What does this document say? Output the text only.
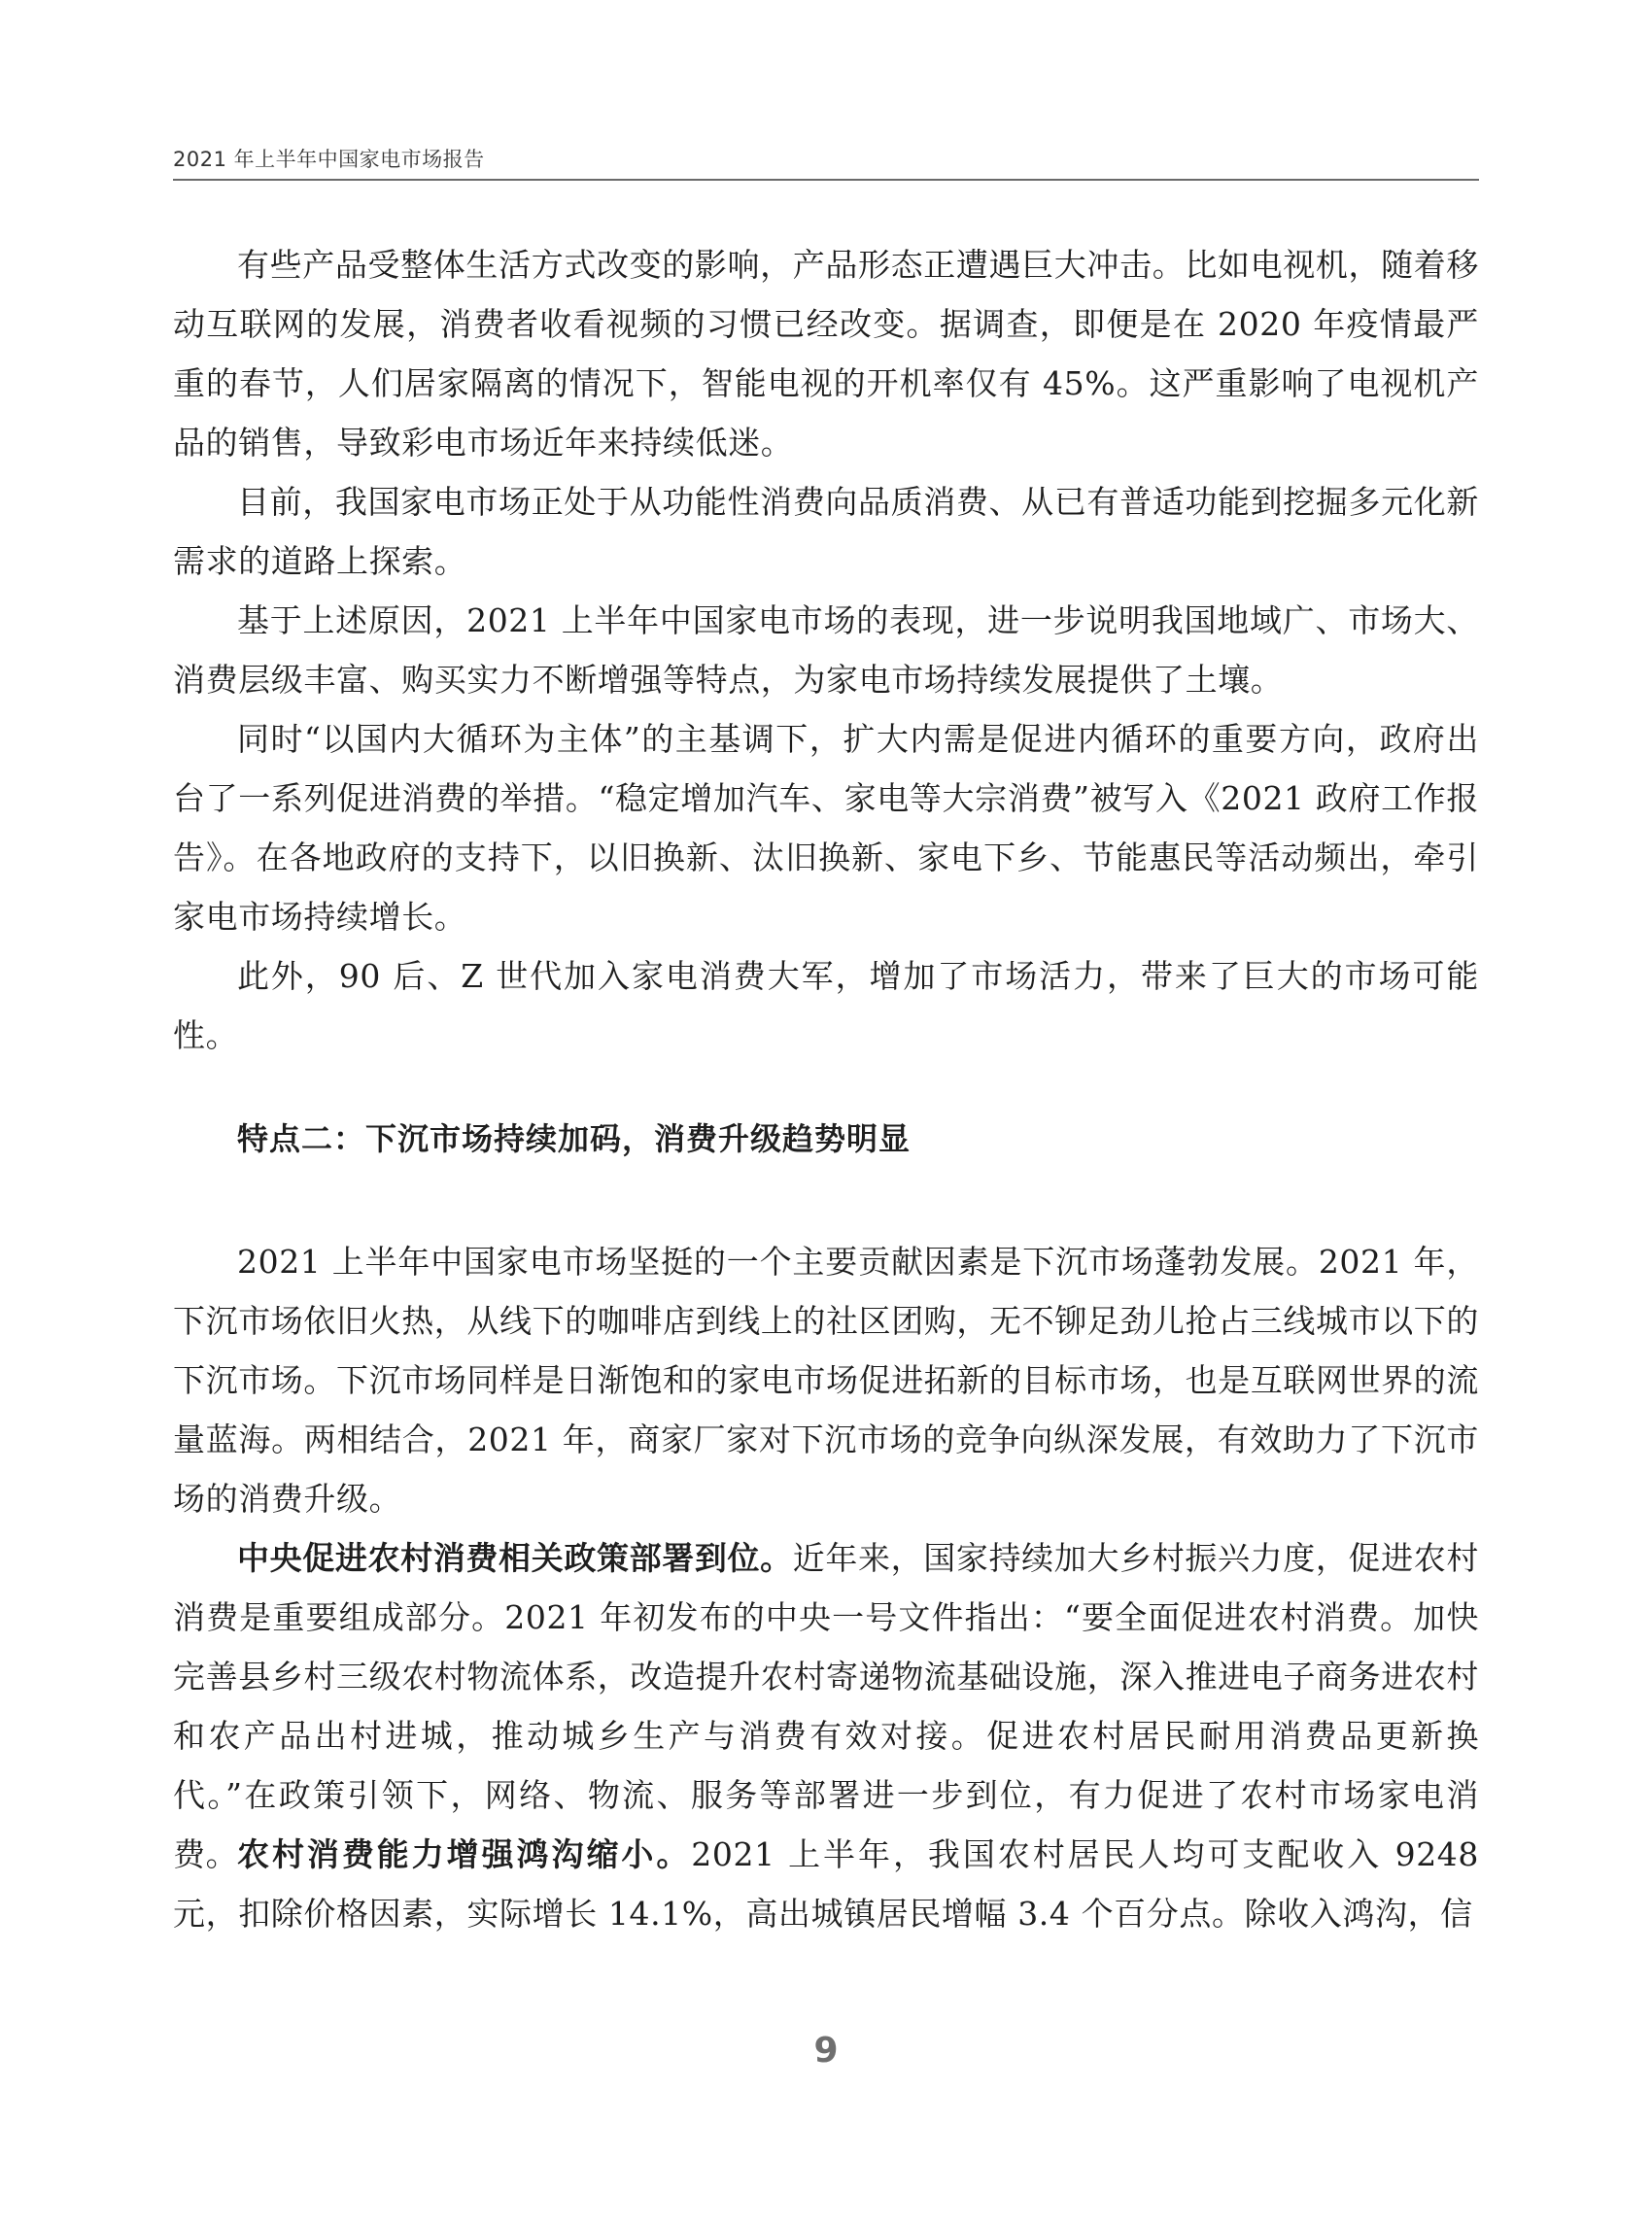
2021 年上半年中国家电市场报告

有些产品受整体生活方式改变的影响，产品形态正遭遇巨大冲击。比如电视机，随着移动互联网的发展，消费者收看视频的习惯已经改变。据调查，即便是在 2020 年疫情最严重的春节，人们居家隔离的情况下，智能电视的开机率仅有 45%。这严重影响了电视机产品的销售，导致彩电市场近年来持续低迷。

目前，我国家电市场正处于从功能性消费向品质消费、从已有普适功能到挖掘多元化新需求的道路上探索。

基于上述原因，2021 上半年中国家电市场的表现，进一步说明我国地域广、市场大、消费层级丰富、购买实力不断增强等特点，为家电市场持续发展提供了土壤。

同时“以国内大循环为主体”的主基调下，扩大内需是促进内循环的重要方向，政府出台了一系列促进消费的举措。“稳定增加汽车、家电等大宗消费”被写入《2021 政府工作报告》。在各地政府的支持下，以旧换新、汰旧换新、家电下乡、节能惠民等活动频出，牵引家电市场持续增长。

此外，90 后、Z 世代加入家电消费大军，增加了市场活力，带来了巨大的市场可能性。

特点二：下沉市场持续加码，消费升级趋势明显

2021 上半年中国家电市场坚挺的一个主要贡献因素是下沉市场蓬勃发展。2021 年，下沉市场依旧火热，从线下的咖啡店到线上的社区团购，无不铆足劲儿抢占三线城市以下的下沉市场。下沉市场同样是日渐饱和的家电市场促进拓新的目标市场，也是互联网世界的流量蓝海。两相结合，2021 年，商家厂家对下沉市场的竞争向纵深发展，有效助力了下沉市场的消费升级。

中央促进农村消费相关政策部署到位。近年来，国家持续加大乡村振兴力度，促进农村消费是重要组成部分。2021 年初发布的中央一号文件指出：“要全面促进农村消费。加快完善县乡村三级农村物流体系，改造提升农村寄递物流基础设施，深入推进电子商务进农村和农产品出村进城，推动城乡生产与消费有效对接。促进农村居民耐用消费品更新换代。”在政策引领下，网络、物流、服务等部署进一步到位，有力促进了农村市场家电消费。

农村消费能力增强鸿沟缩小。2021 上半年，我国农村居民人均可支配收入 9248 元，扣除价格因素，实际增长 14.1%，高出城镇居民增幅 3.4 个百分点。除收入鸿沟，信

9
